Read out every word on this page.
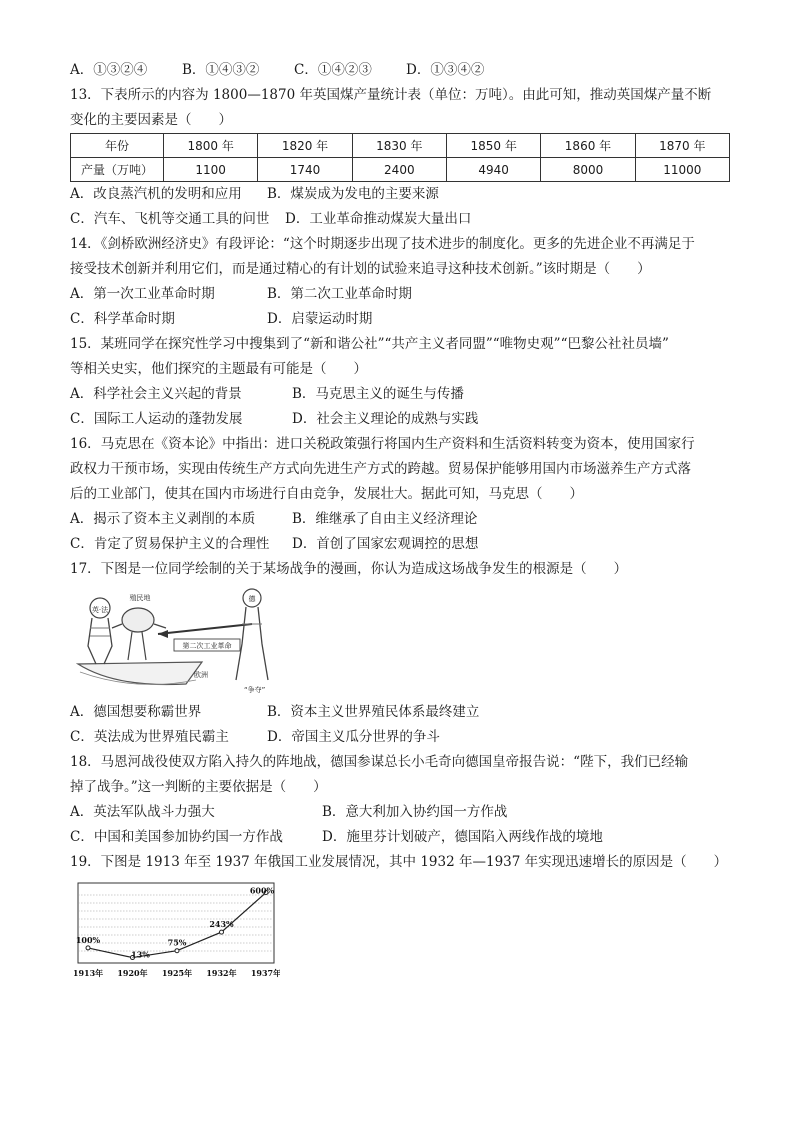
A．①③②④	B．①④③②	C．①④②③	D．①③④②
13．下表所示的内容为 1800—1870 年英国煤产量统计表（单位：万吨）。由此可知，推动英国煤产量不断
变化的主要因素是（　　）
年份	1800 年	1820 年	1830 年	1850 年	1860 年	1870 年
产量（万吨）	1100	1740	2400	4940	8000	11000
A．改良蒸汽机的发明和应用	B．煤炭成为发电的主要来源
C．汽车、飞机等交通工具的问世	D．工业革命推动煤炭大量出口
14．《剑桥欧洲经济史》有段评论：“这个时期逐步出现了技术进步的制度化。更多的先进企业不再满足于
接受技术创新并利用它们，而是通过精心的有计划的试验来追寻这种技术创新。”该时期是（　　）
A．第一次工业革命时期	B．第二次工业革命时期
C．科学革命时期	D．启蒙运动时期
15．某班同学在探究性学习中搜集到了“新和谐公社”“共产主义者同盟”“唯物史观”“巴黎公社社员墙”
等相关史实，他们探究的主题最有可能是（　　）
A．科学社会主义兴起的背景	B．马克思主义的诞生与传播
C．国际工人运动的蓬勃发展	D．社会主义理论的成熟与实践
16．马克思在《资本论》中指出：进口关税政策强行将国内生产资料和生活资料转变为资本，使用国家行
政权力干预市场，实现由传统生产方式向先进生产方式的跨越。贸易保护能够用国内市场滋养生产方式落
后的工业部门，使其在国内市场进行自由竞争，发展壮大。据此可知，马克思（　　）
A．揭示了资本主义剥削的本质	B．维继承了自由主义经济理论
C．肯定了贸易保护主义的合理性	D．首创了国家宏观调控的思想
17．下图是一位同学绘制的关于某场战争的漫画，你认为造成这场战争发生的根源是（　　）
英·法
殖民地
第二次工业革命
德
欧洲
“争夺”
A．德国想要称霸世界	B．资本主义世界殖民体系最终建立
C．英法成为世界殖民霸主	D．帝国主义瓜分世界的争斗
18．马恩河战役使双方陷入持久的阵地战，德国参谋总长小毛奇向德国皇帝报告说：“陛下，我们已经输
掉了战争。”这一判断的主要依据是（　　）
A．英法军队战斗力强大	B．意大利加入协约国一方作战
C．中国和美国参加协约国一方作战	D．施里芬计划破产，德国陷入两线作战的境地
19．下图是 1913 年至 1937 年俄国工业发展情况，其中 1932 年—1937 年实现迅速增长的原因是（　　）
100%
13%
75%
243%
600%
1913年 1920年 1925年 1932年 1937年
